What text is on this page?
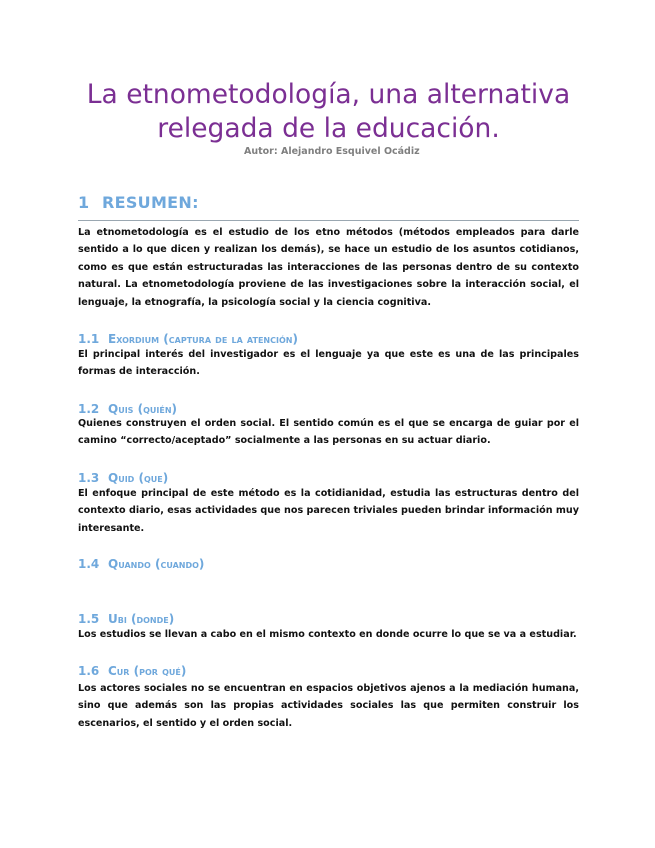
La etnometodología, una alternativa
relegada de la educación.
Autor: Alejandro Esquivel Ocádiz
1 RESUMEN:

La etnometodología es el estudio de los etno métodos (métodos empleados para darle sentido a lo que dicen y realizan los demás), se hace un estudio de los asuntos cotidianos, como es que están estructuradas las interacciones de las personas dentro de su contexto natural. La etnometodología proviene de las investigaciones sobre la interacción social, el lenguaje, la etnografía, la psicología social y la ciencia cognitiva.

1.1 Exordium (captura de la atención)

El principal interés del investigador es el lenguaje ya que este es una de las principales formas de interacción.

1.2 Quis (quién)

Quienes construyen el orden social. El sentido común es el que se encarga de guiar por el camino “correcto/aceptado” socialmente a las personas en su actuar diario.

1.3 Quid (que)

El enfoque principal de este método es la cotidianidad, estudia las estructuras dentro del contexto diario, esas actividades que nos parecen triviales pueden brindar información muy interesante.

1.4 Quando (cuando)
1.5 Ubi (donde)

Los estudios se llevan a cabo en el mismo contexto en donde ocurre lo que se va a estudiar.

1.6 Cur (por qué)

Los actores sociales no se encuentran en espacios objetivos ajenos a la mediación humana, sino que además son las propias actividades sociales las que permiten construir los escenarios, el sentido y el orden social.
